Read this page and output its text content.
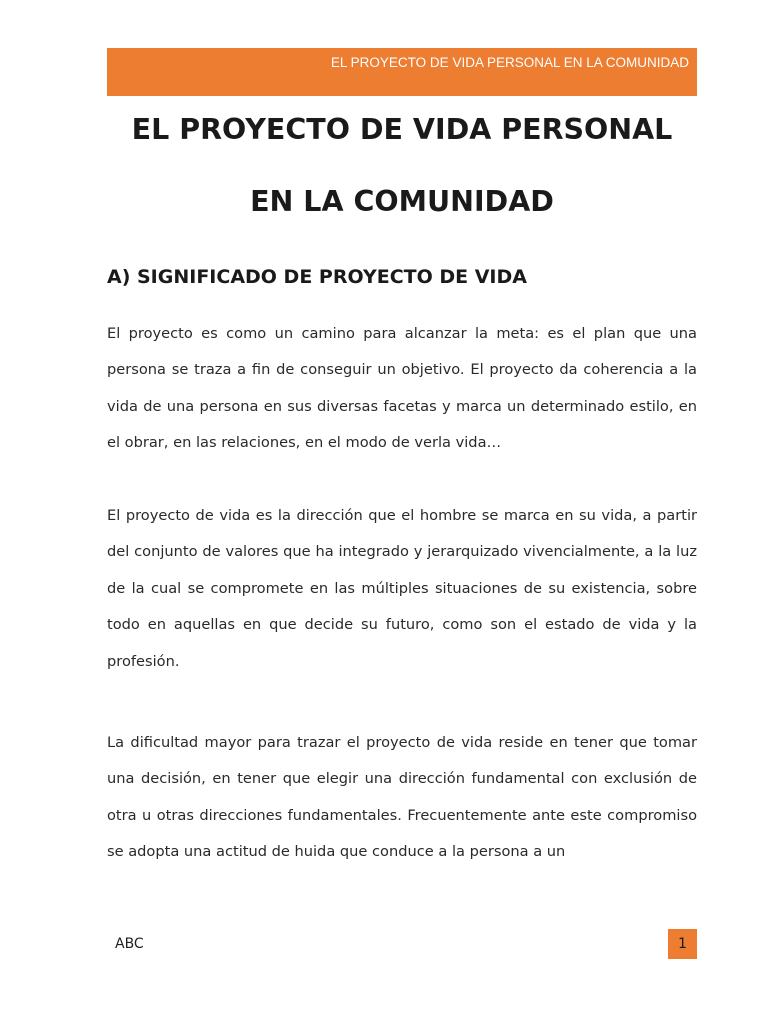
EL PROYECTO DE VIDA PERSONAL EN LA COMUNIDAD
EL PROYECTO DE VIDA PERSONAL
EN LA COMUNIDAD
A) SIGNIFICADO DE PROYECTO DE VIDA

El proyecto es como un camino para alcanzar la meta: es el plan que una persona se traza a fin de conseguir un objetivo. El proyecto da coherencia a la vida de una persona en sus diversas facetas y marca un determinado estilo, en el obrar, en las relaciones, en el modo de verla vida…

El proyecto de vida es la dirección que el hombre se marca en su vida, a partir del conjunto de valores que ha integrado y jerarquizado vivencialmente, a la luz de la cual se compromete en las múltiples situaciones de su existencia, sobre todo en aquellas en que decide su futuro, como son el estado de vida y la profesión.

La dificultad mayor para trazar el proyecto de vida reside en tener que tomar una decisión, en tener que elegir una dirección fundamental con exclusión de otra u otras direcciones fundamentales. Frecuentemente ante este compromiso se adopta una actitud de huida que conduce a la persona a un

ABC	1
